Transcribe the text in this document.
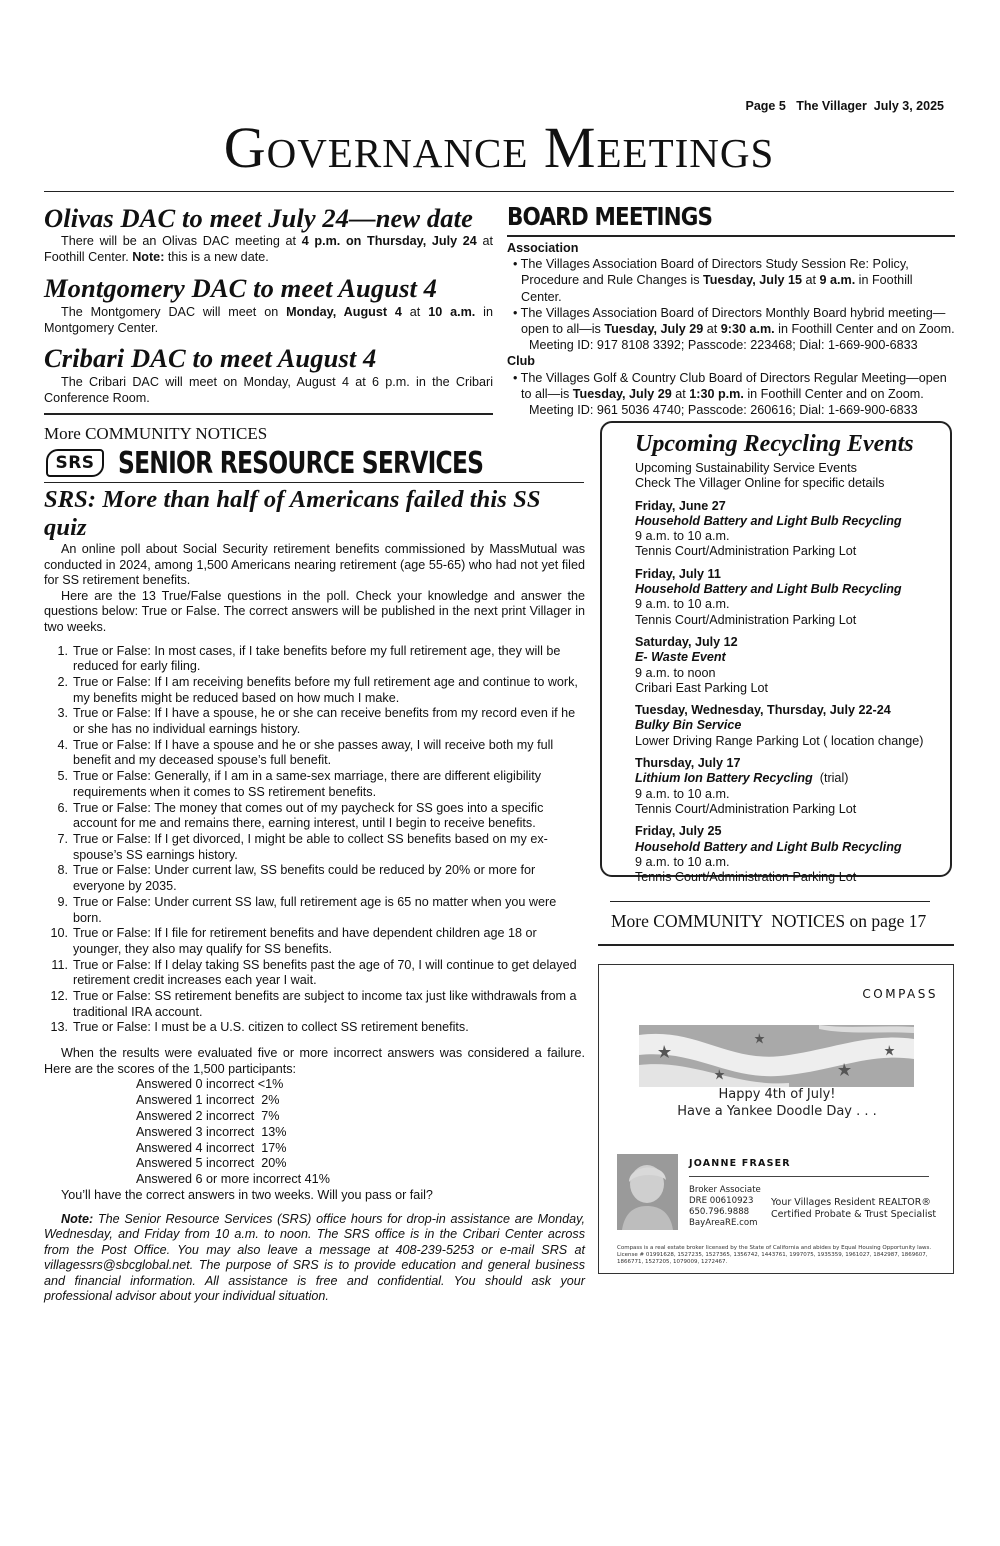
Page 5   The Villager  July 3, 2025
Governance Meetings
Olivas DAC to meet July 24—new date

There will be an Olivas DAC meeting at 4 p.m. on Thursday, July 24 at Foothill Center. Note: this is a new date.

Montgomery DAC to meet August 4

The Montgomery DAC will meet on Monday, August 4 at 10 a.m. in Montgomery Center.

Cribari DAC to meet August 4

The Cribari DAC will meet on Monday, August 4 at 6 p.m. in the Cribari Conference Room.

BOARD MEETINGS
Association
• The Villages Association Board of Directors Study Session Re: Policy, Procedure and Rule Changes is Tuesday, July 15 at 9 a.m. in Foothill Center.
• The Villages Association Board of Directors Monthly Board hybrid meeting—open to all—is Tuesday, July 29 at 9:30 a.m. in Foothill Center and on Zoom.
Meeting ID: 917 8108 3392; Passcode: 223468; Dial: 1-669-900-6833
Club
• The Villages Golf & Country Club Board of Directors Regular Meeting—open to all—is Tuesday, July 29 at 1:30 p.m. in Foothill Center and on Zoom.
Meeting ID: 961 5036 4740; Passcode: 260616; Dial: 1-669-900-6833
More COMMUNITY NOTICES
SRS SENIOR RESOURCE SERVICES
SRS: More than half of Americans failed this SS quiz

An online poll about Social Security retirement benefits commissioned by MassMutual was conducted in 2024, among 1,500 Americans nearing retirement (age 55-65) who had not yet filed for SS retirement benefits.

Here are the 13 True/False questions in the poll. Check your knowledge and answer the questions below: True or False. The correct answers will be published in the next print Villager in two weeks.

1. True or False: In most cases, if I take benefits before my full retirement age, they will be reduced for early filing.
2. True or False: If I am receiving benefits before my full retirement age and continue to work, my benefits might be reduced based on how much I make.
3. True or False: If I have a spouse, he or she can receive benefits from my record even if he or she has no individual earnings history.
4. True or False: If I have a spouse and he or she passes away, I will receive both my full benefit and my deceased spouse’s full benefit.
5. True or False: Generally, if I am in a same-sex marriage, there are different eligibility requirements when it comes to SS retirement benefits.
6. True or False: The money that comes out of my paycheck for SS goes into a specific account for me and remains there, earning interest, until I begin to receive benefits.
7. True or False: If I get divorced, I might be able to collect SS benefits based on my ex-spouse’s SS earnings history.
8. True or False: Under current law, SS benefits could be reduced by 20% or more for everyone by 2035.
9. True or False: Under current SS law, full retirement age is 65 no matter when you were born.
10. True or False: If I file for retirement benefits and have dependent children age 18 or younger, they also may qualify for SS benefits.
11. True or False: If I delay taking SS benefits past the age of 70, I will continue to get delayed retirement credit increases each year I wait.
12. True or False: SS retirement benefits are subject to income tax just like withdrawals from a traditional IRA account.
13. True or False: I must be a U.S. citizen to collect SS retirement benefits.

When the results were evaluated five or more incorrect answers was considered a failure. Here are the scores of the 1,500 participants:

Answered 0 incorrect <1%
Answered 1 incorrect  2%
Answered 2 incorrect  7%
Answered 3 incorrect  13%
Answered 4 incorrect  17%
Answered 5 incorrect  20%
Answered 6 or more incorrect 41%

You’ll have the correct answers in two weeks. Will you pass or fail?

Note: The Senior Resource Services (SRS) office hours for drop-in assistance are Monday, Wednesday, and Friday from 10 a.m. to noon. The SRS office is in the Cribari Center across from the Post Office. You may also leave a message at 408-239-5253 or e-mail SRS at villagessrs@sbcglobal.net. The purpose of SRS is to provide education and general business and financial information. All assistance is free and confidential. You should ask your professional advisor about your individual situation.

Upcoming Recycling Events
Upcoming Sustainability Service Events
Check The Villager Online for specific details
Friday, June 27
Household Battery and Light Bulb Recycling
9 a.m. to 10 a.m.
Tennis Court/Administration Parking Lot
Friday, July 11
Household Battery and Light Bulb Recycling
9 a.m. to 10 a.m.
Tennis Court/Administration Parking Lot
Saturday, July 12
E- Waste Event
9 a.m. to noon
Cribari East Parking Lot
Tuesday, Wednesday, Thursday, July 22-24
Bulky Bin Service
Lower Driving Range Parking Lot ( location change)
Thursday, July 17
Lithium Ion Battery Recycling (trial)
9 a.m. to 10 a.m.
Tennis Court/Administration Parking Lot
Friday, July 25
Household Battery and Light Bulb Recycling
9 a.m. to 10 a.m.
Tennis Court/Administration Parking Lot
More COMMUNITY  NOTICES on page 17
COMPASS
Happy 4th of July!
Have a Yankee Doodle Day . . .
JOANNE FRASER
Broker Associate
DRE 00610923
650.796.9888
BayAreaRE.com
Your Villages Resident REALTOR®
Certified Probate & Trust Specialist
Compass is a real estate broker licensed by the State of California and abides by Equal Housing Opportunity laws. License # 01991628, 1527235, 1527365, 1356742, 1443761, 1997075, 1935359, 1961027, 1842987, 1869607, 1866771, 1527205, 1079009, 1272467.
